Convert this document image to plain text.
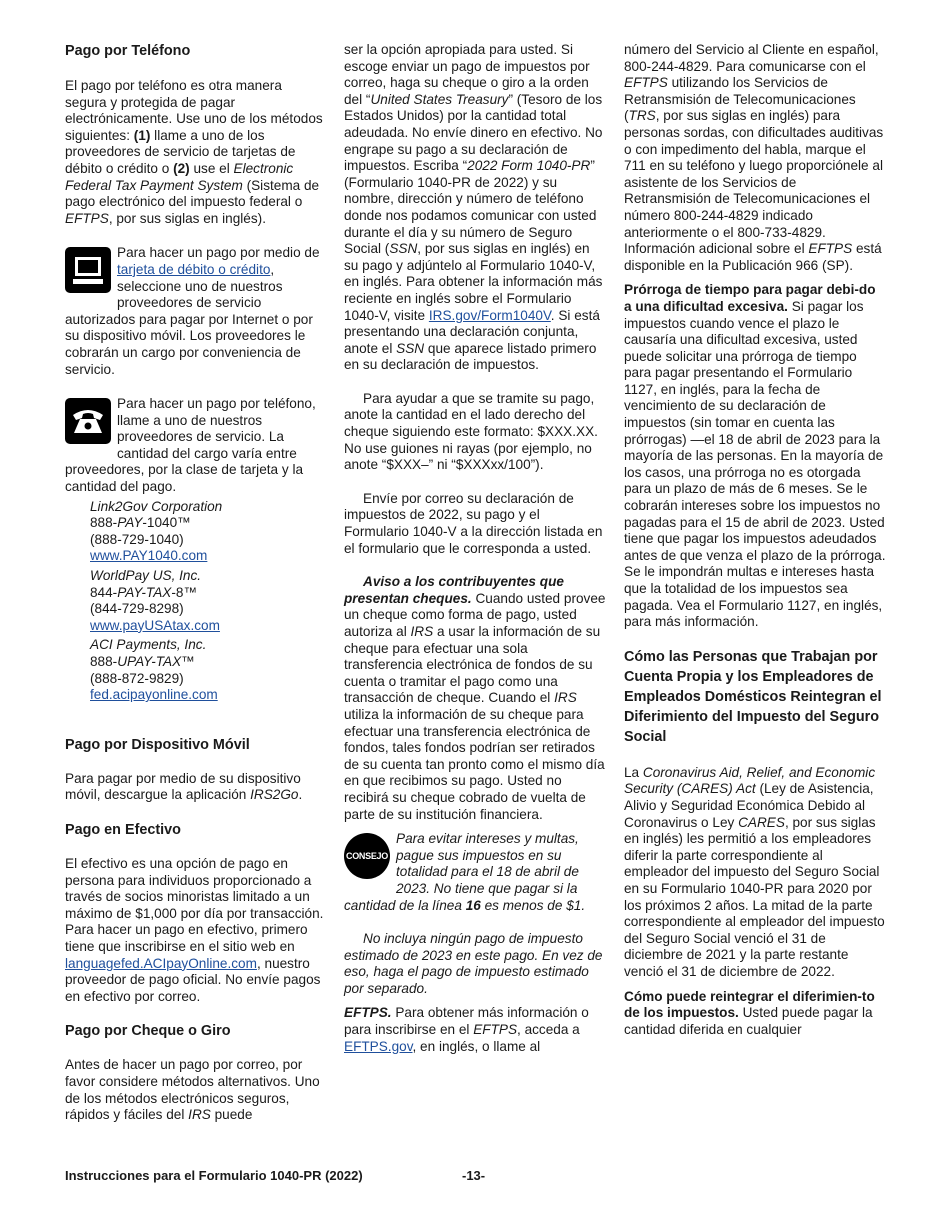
Pago por Teléfono

El pago por teléfono es otra manera segura y protegida de pagar electrónicamente. Use uno de los métodos siguientes: (1) llame a uno de los proveedores de servicio de tarjetas de débito o crédito o (2) use el Electronic Federal Tax Payment System (Sistema de pago electrónico del impuesto federal o EFTPS, por sus siglas en inglés).

Para hacer un pago por medio de tarjeta de débito o crédito, seleccione uno de nuestros proveedores de servicio autorizados para pagar por Internet o por su dispositivo móvil. Los proveedores le cobrarán un cargo por conveniencia de servicio.

Para hacer un pago por teléfono, llame a uno de nuestros proveedores de servicio. La cantidad del cargo varía entre proveedores, por la clase de tarjeta y la cantidad del pago.

Link2Gov Corporation
888-PAY-1040™
(888-729-1040)
www.PAY1040.com

WorldPay US, Inc.
844-PAY-TAX-8™
(844-729-8298)
www.payUSAtax.com

ACI Payments, Inc.
888-UPAY-TAX™
(888-872-9829)
fed.acipayonline.com

Pago por Dispositivo Móvil

Para pagar por medio de su dispositivo móvil, descargue la aplicación IRS2Go.

Pago en Efectivo

El efectivo es una opción de pago en persona para individuos proporcionado a través de socios minoristas limitado a un máximo de $1,000 por día por transacción. Para hacer un pago en efectivo, primero tiene que inscribirse en el sitio web en languagefed.ACIpayOnline.com, nuestro proveedor de pago oficial. No envíe pagos en efectivo por correo.

Pago por Cheque o Giro

Antes de hacer un pago por correo, por favor considere métodos alternativos. Uno de los métodos electrónicos seguros, rápidos y fáciles del IRS puede

ser la opción apropiada para usted. Si escoge enviar un pago de impuestos por correo, haga su cheque o giro a la orden del “United States Treasury” (Tesoro de los Estados Unidos) por la cantidad total adeudada. No envíe dinero en efectivo. No engrape su pago a su declaración de impuestos. Escriba “2022 Form 1040-PR” (Formulario 1040-PR de 2022) y su nombre, dirección y número de teléfono donde nos podamos comunicar con usted durante el día y su número de Seguro Social (SSN, por sus siglas en inglés) en su pago y adjúntelo al Formulario 1040-V, en inglés. Para obtener la información más reciente en inglés sobre el Formulario 1040-V, visite IRS.gov/Form1040V. Si está presentando una declaración conjunta, anote el SSN que aparece listado primero en su declaración de impuestos.

Para ayudar a que se tramite su pago, anote la cantidad en el lado derecho del cheque siguiendo este formato: $XXX.XX. No use guiones ni rayas (por ejemplo, no anote “$XXX–” ni “$XXXxx/100”).

Envíe por correo su declaración de impuestos de 2022, su pago y el Formulario 1040-V a la dirección listada en el formulario que le corresponda a usted.

Aviso a los contribuyentes que presentan cheques. Cuando usted provee un cheque como forma de pago, usted autoriza al IRS a usar la información de su cheque para efectuar una sola transferencia electrónica de fondos de su cuenta o tramitar el pago como una transacción de cheque. Cuando el IRS utiliza la información de su cheque para efectuar una transferencia electrónica de fondos, tales fondos podrían ser retirados de su cuenta tan pronto como el mismo día en que recibimos su pago. Usted no recibirá su cheque cobrado de vuelta de parte de su institución financiera.

CONSEJO

Para evitar intereses y multas, pague sus impuestos en su totalidad para el 18 de abril de 2023. No tiene que pagar si la cantidad de la línea 16 es menos de $1.

No incluya ningún pago de impuesto estimado de 2023 en este pago. En vez de eso, haga el pago de impuesto estimado por separado.

EFTPS. Para obtener más información o para inscribirse en el EFTPS, acceda a EFTPS.gov, en inglés, o llame al

número del Servicio al Cliente en español, 800-244-4829. Para comunicarse con el EFTPS utilizando los Servicios de Retransmisión de Telecomunicaciones (TRS, por sus siglas en inglés) para personas sordas, con dificultades auditivas o con impedimento del habla, marque el 711 en su teléfono y luego proporciónele al asistente de los Servicios de Retransmisión de Telecomunicaciones el número 800-244-4829 indicado anteriormente o el 800-733-4829. Información adicional sobre el EFTPS está disponible en la Publicación 966 (SP).

Prórroga de tiempo para pagar debi-do a una dificultad excesiva. Si pagar los impuestos cuando vence el plazo le causaría una dificultad excesiva, usted puede solicitar una prórroga de tiempo para pagar presentando el Formulario 1127, en inglés, para la fecha de vencimiento de su declaración de impuestos (sin tomar en cuenta las prórrogas) —el 18 de abril de 2023 para la mayoría de las personas. En la mayoría de los casos, una prórroga no es otorgada para un plazo de más de 6 meses. Se le cobrarán intereses sobre los impuestos no pagadas para el 15 de abril de 2023. Usted tiene que pagar los impuestos adeudados antes de que venza el plazo de la prórroga. Se le impondrán multas e intereses hasta que la totalidad de los impuestos sea pagada. Vea el Formulario 1127, en inglés, para más información.

Cómo las Personas que Trabajan por Cuenta Propia y los Empleadores de Empleados Domésticos Reintegran el Diferimiento del Impuesto del Seguro Social

La Coronavirus Aid, Relief, and Economic Security (CARES) Act (Ley de Asistencia, Alivio y Seguridad Económica Debido al Coronavirus o Ley CARES, por sus siglas en inglés) les permitió a los empleadores diferir la parte correspondiente al empleador del impuesto del Seguro Social en su Formulario 1040-PR para 2020 por los próximos 2 años. La mitad de la parte correspondiente al empleador del impuesto del Seguro Social venció el 31 de diciembre de 2021 y la parte restante venció el 31 de diciembre de 2022.

Cómo puede reintegrar el diferimien-to de los impuestos. Usted puede pagar la cantidad diferida en cualquier

Instrucciones para el Formulario 1040-PR (2022)	-13-
